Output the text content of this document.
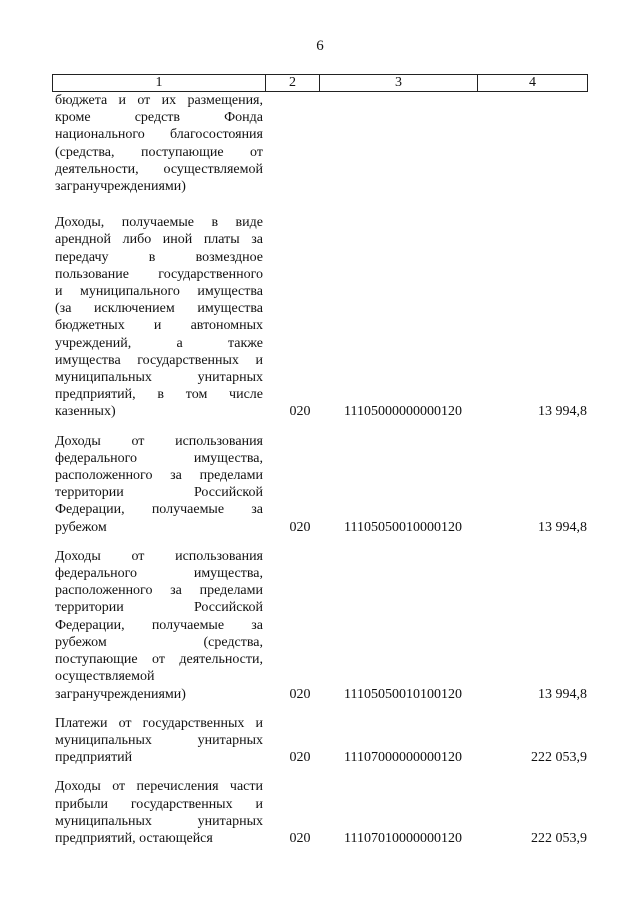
6
1	2	3	4
бюджета и от их размещения,
кроме средств Фонда
национального благосостояния
(средства, поступающие от
деятельности, осуществляемой
загранучреждениями)
Доходы, получаемые в виде
арендной либо иной платы за
передачу в возмездное
пользование государственного
и муниципального имущества
(за исключением имущества
бюджетных и автономных
учреждений, а также
имущества государственных и
муниципальных унитарных
предприятий, в том числе
казенных)	020 11105000000000120	13 994,8
Доходы от использования
федерального имущества,
расположенного за пределами
территории Российской
Федерации, получаемые за
рубежом	020 11105050010000120	13 994,8
Доходы от использования
федерального имущества,
расположенного за пределами
территории Российской
Федерации, получаемые за
рубежом (средства,
поступающие от деятельности,
осуществляемой
загранучреждениями)	020 11105050010100120	13 994,8
Платежи от государственных и
муниципальных унитарных
предприятий	020 11107000000000120	222 053,9
Доходы от перечисления части
прибыли государственных и
муниципальных унитарных
предприятий, остающейся	020 11107010000000120	222 053,9
